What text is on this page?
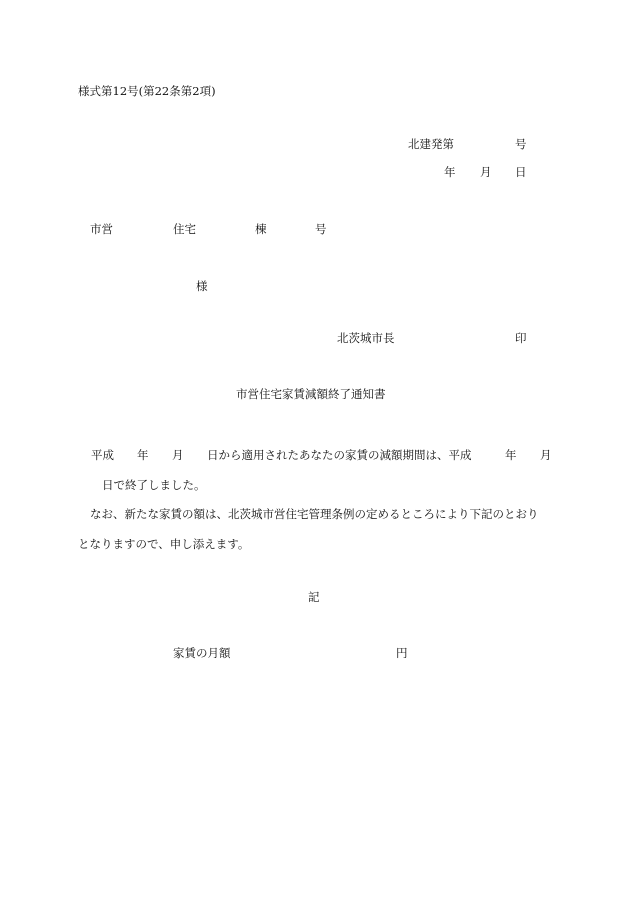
様式第12号(第22条第2項)
北建発第	号
年 月 日
市営	住宅	棟	号
様
北茨城市長	印
市営住宅家賃減額終了通知書
平成 年 月 日から適用されたあなたの家賃の減額期間は、平成	年 月
日で終了しました。
なお、新たな家賃の額は、北茨城市営住宅管理条例の定めるところにより下記のとおり
となりますので、申し添えます。
記
家賃の月額	円
